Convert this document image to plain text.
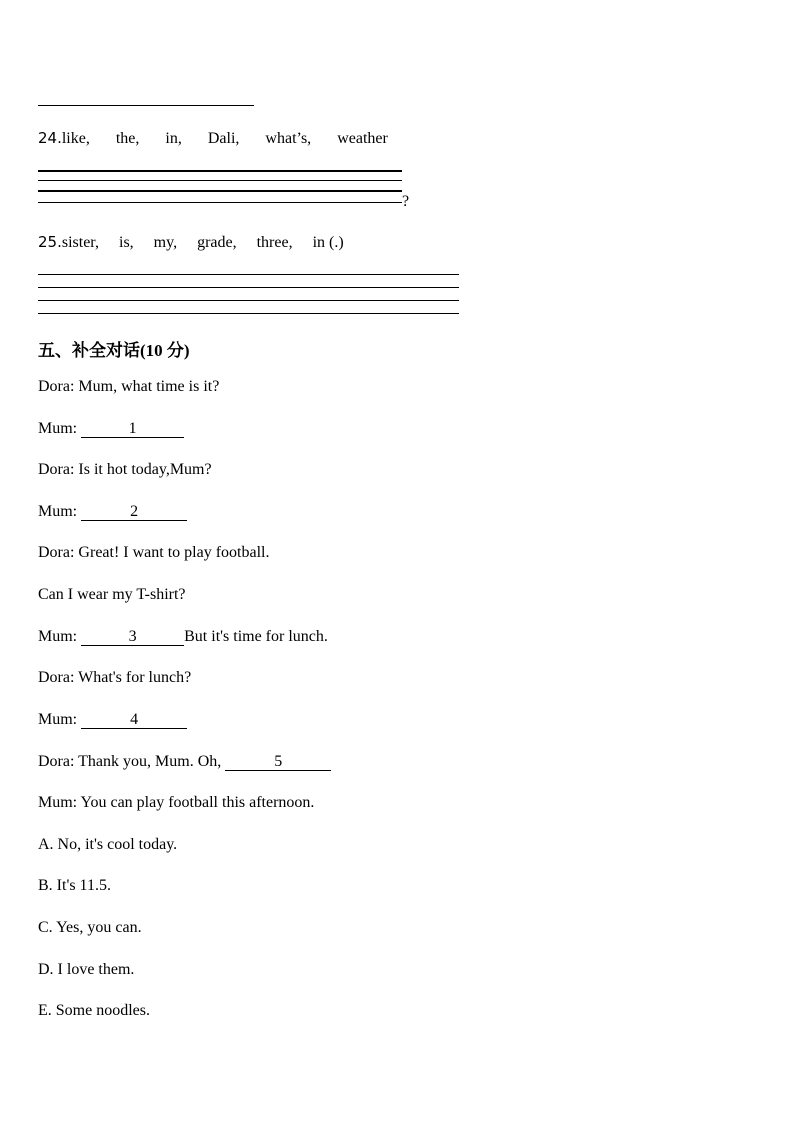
24.like, the, in, Dali, what’s, weather
?
25.sister, is, my, grade, three, in (.)
五、补全对话(10 分)
Dora: Mum, what time is it?
Mum:	1
Dora: Is it hot today,Mum?
Mum:	2
Dora: Great! I want to play football.
Can I wear my T-shirt?
Mum:	3	But it's time for lunch.
Dora: What's for lunch?
Mum:	4
Dora: Thank you, Mum. Oh,	5
Mum: You can play football this afternoon.
A. No, it's cool today.
B. It's 11.5.
C. Yes, you can.
D. I love them.
E. Some noodles.
